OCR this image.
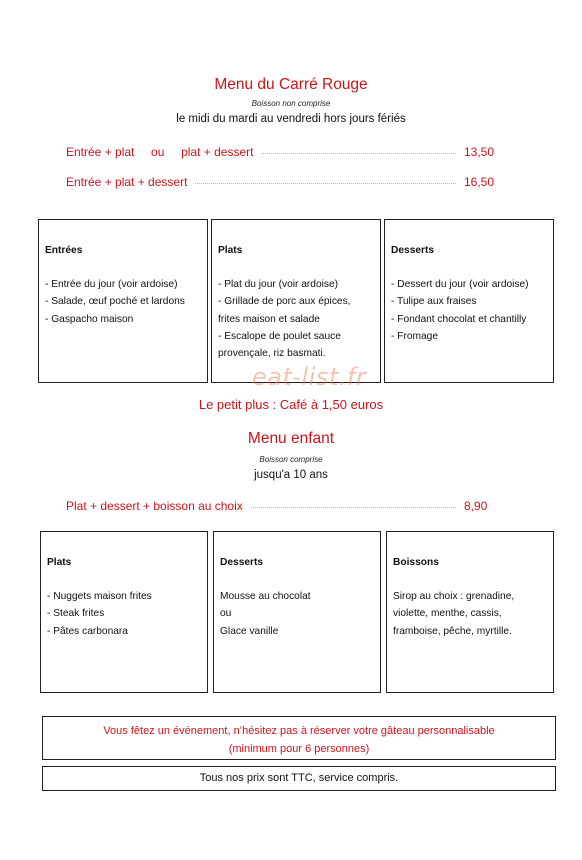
Menu du Carré Rouge
Boisson non comprise
le midi du mardi au vendredi hors jours fériés
Entrée + plat     ou     plat + dessert	13,50
Entrée + plat + dessert	16,50
Entrées
- Entrée du jour (voir ardoise)
- Salade, œuf poché et lardons
- Gaspacho maison
Plats
- Plat du jour (voir ardoise)
- Grillade de porc aux épices,
frites maison et salade
- Escalope de poulet sauce
provençale, riz basmati.
Desserts
- Dessert du jour (voir ardoise)
- Tulipe aux fraises
- Fondant chocolat et chantilly
- Fromage
eat-list.fr
Le petit plus : Café à 1,50 euros
Menu enfant
Boisson comprise
jusqu'a 10 ans
Plat + dessert + boisson au choix	8,90
Plats
- Nuggets maison frites
- Steak frites
- Pâtes carbonara
Desserts
Mousse au chocolat
ou
Glace vanille
Boissons
Sirop au choix : grenadine,
violette, menthe, cassis,
framboise, pêche, myrtille.
Vous fêtez un événement, n’hésitez pas à réserver votre gâteau personnalisable
(minimum pour 6 personnes)
Tous nos prix sont TTC, service compris.
